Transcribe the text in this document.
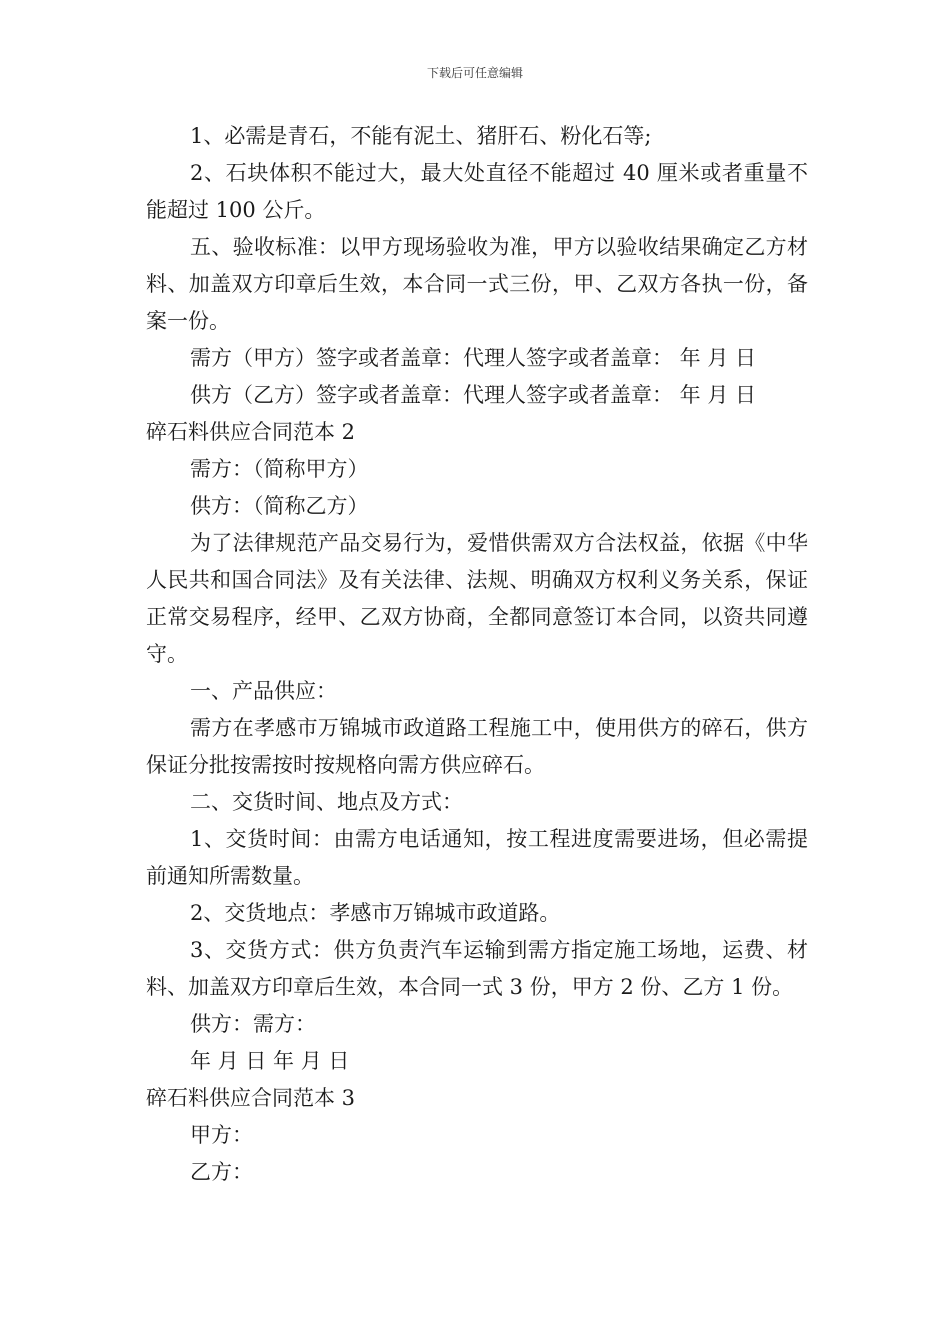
下载后可任意编辑

1、必需是青石，不能有泥土、猪肝石、粉化石等;

2、石块体积不能过大，最大处直径不能超过 40 厘米或者重量不能超过 100 公斤。

五、验收标准：以甲方现场验收为准，甲方以验收结果确定乙方材料、加盖双方印章后生效，本合同一式三份，甲、乙双方各执一份，备案一份。

需方（甲方）签字或者盖章：代理人签字或者盖章： 年 月 日

供方（乙方）签字或者盖章：代理人签字或者盖章： 年 月 日

碎石料供应合同范本 2

需方：（简称甲方）

供方：（简称乙方）

为了法律规范产品交易行为，爱惜供需双方合法权益，依据《中华人民共和国合同法》及有关法律、法规、明确双方权利义务关系，保证正常交易程序，经甲、乙双方协商，全都同意签订本合同，以资共同遵守。

一、产品供应：

需方在孝感市万锦城市政道路工程施工中，使用供方的碎石，供方保证分批按需按时按规格向需方供应碎石。

二、交货时间、地点及方式：

1、交货时间：由需方电话通知，按工程进度需要进场，但必需提前通知所需数量。

2、交货地点：孝感市万锦城市政道路。

3、交货方式：供方负责汽车运输到需方指定施工场地，运费、材料、加盖双方印章后生效，本合同一式 3 份，甲方 2 份、乙方 1 份。

供方：需方：

年 月 日 年 月 日

碎石料供应合同范本 3

甲方：

乙方：
